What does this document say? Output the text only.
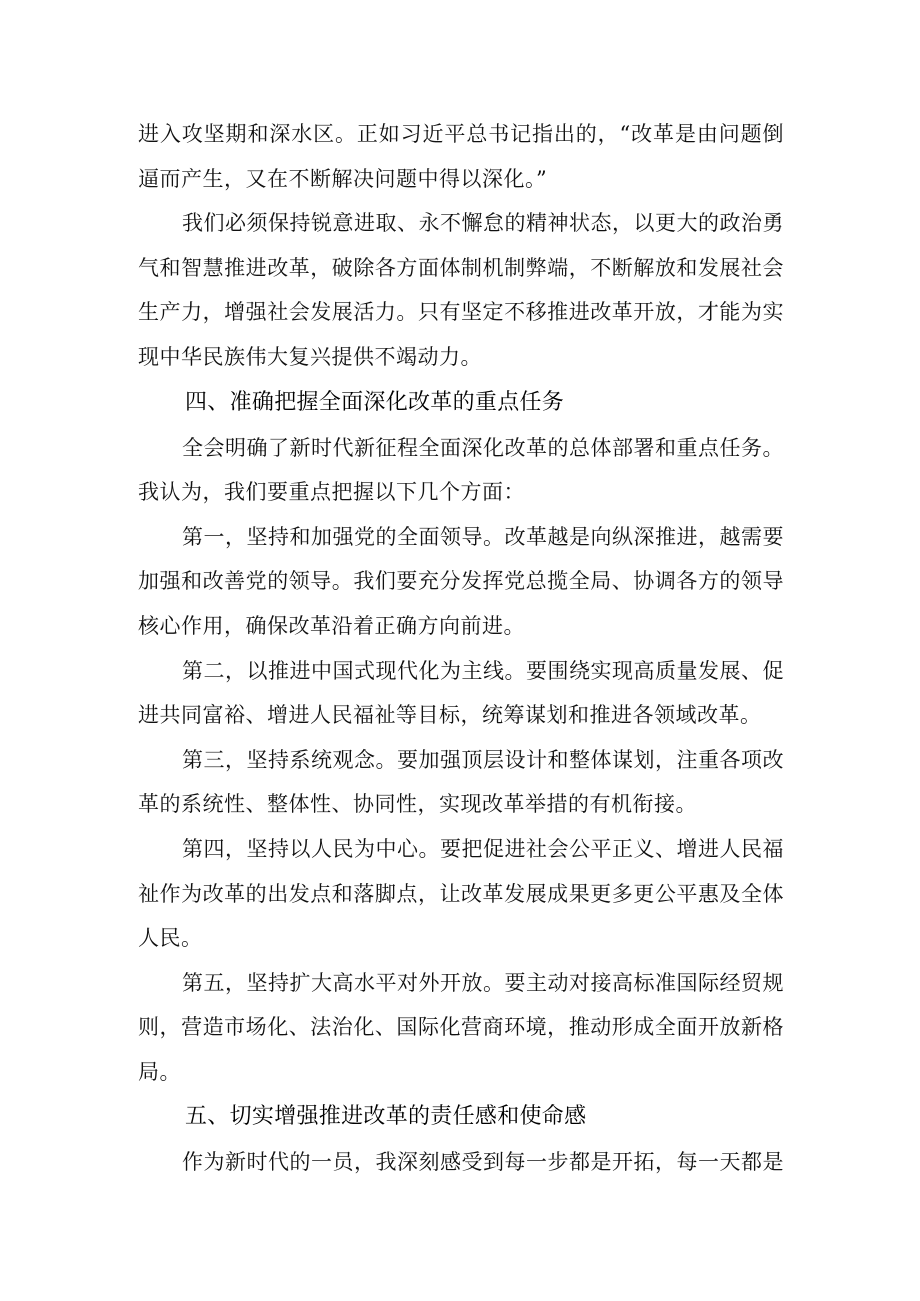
进入攻坚期和深水区。正如习近平总书记指出的，“改革是由问题倒逼而产生，又在不断解决问题中得以深化。”

我们必须保持锐意进取、永不懈怠的精神状态，以更大的政治勇气和智慧推进改革，破除各方面体制机制弊端，不断解放和发展社会生产力，增强社会发展活力。只有坚定不移推进改革开放，才能为实现中华民族伟大复兴提供不竭动力。

四、准确把握全面深化改革的重点任务

全会明确了新时代新征程全面深化改革的总体部署和重点任务。我认为，我们要重点把握以下几个方面：

第一，坚持和加强党的全面领导。改革越是向纵深推进，越需要加强和改善党的领导。我们要充分发挥党总揽全局、协调各方的领导核心作用，确保改革沿着正确方向前进。

第二，以推进中国式现代化为主线。要围绕实现高质量发展、促进共同富裕、增进人民福祉等目标，统筹谋划和推进各领域改革。

第三，坚持系统观念。要加强顶层设计和整体谋划，注重各项改革的系统性、整体性、协同性，实现改革举措的有机衔接。

第四，坚持以人民为中心。要把促进社会公平正义、增进人民福祉作为改革的出发点和落脚点，让改革发展成果更多更公平惠及全体人民。

第五，坚持扩大高水平对外开放。要主动对接高标准国际经贸规则，营造市场化、法治化、国际化营商环境，推动形成全面开放新格局。

五、切实增强推进改革的责任感和使命感

作为新时代的一员，我深刻感受到每一步都是开拓，每一天都是
